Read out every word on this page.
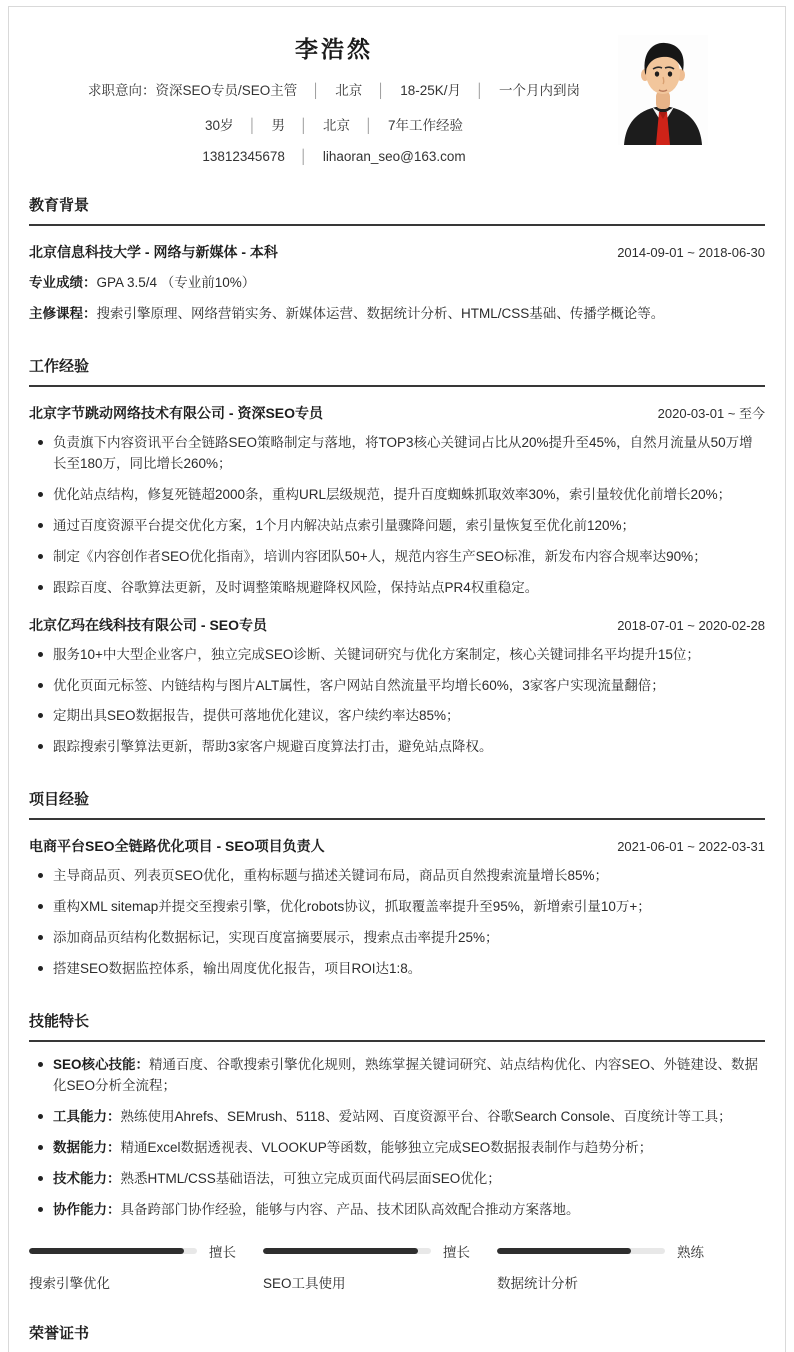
李浩然
求职意向：资深SEO专员/SEO主管 │ 北京 │ 18-25K/月 │ 一个月内到岗
30岁 │ 男 │ 北京 │ 7年工作经验
13812345678 │ lihaoran_seo@163.com
教育背景
北京信息科技大学 - 网络与新媒体 - 本科	2014-09-01 ~ 2018-06-30
专业成绩：GPA 3.5/4 （专业前10%）
主修课程：搜索引擎原理、网络营销实务、新媒体运营、数据统计分析、HTML/CSS基础、传播学概论等。
工作经验
北京字节跳动网络技术有限公司 - 资深SEO专员	2020-03-01 ~ 至今
负责旗下内容资讯平台全链路SEO策略制定与落地，将TOP3核心关键词占比从20%提升至45%，自然月流量从50万增长至180万，同比增长260%；
优化站点结构，修复死链超2000条，重构URL层级规范，提升百度蜘蛛抓取效率30%，索引量较优化前增长20%；
通过百度资源平台提交优化方案，1个月内解决站点索引量骤降问题，索引量恢复至优化前120%；
制定《内容创作者SEO优化指南》，培训内容团队50+人，规范内容生产SEO标准，新发布内容合规率达90%；
跟踪百度、谷歌算法更新，及时调整策略规避降权风险，保持站点PR4权重稳定。
北京亿玛在线科技有限公司 - SEO专员	2018-07-01 ~ 2020-02-28
服务10+中大型企业客户，独立完成SEO诊断、关键词研究与优化方案制定，核心关键词排名平均提升15位；
优化页面元标签、内链结构与图片ALT属性，客户网站自然流量平均增长60%，3家客户实现流量翻倍；
定期出具SEO数据报告，提供可落地优化建议，客户续约率达85%；
跟踪搜索引擎算法更新，帮助3家客户规避百度算法打击，避免站点降权。
项目经验
电商平台SEO全链路优化项目 - SEO项目负责人	2021-06-01 ~ 2022-03-31
主导商品页、列表页SEO优化，重构标题与描述关键词布局，商品页自然搜索流量增长85%；
重构XML sitemap并提交至搜索引擎，优化robots协议，抓取覆盖率提升至95%，新增索引量10万+；
添加商品页结构化数据标记，实现百度富摘要展示，搜索点击率提升25%；
搭建SEO数据监控体系，输出周度优化报告，项目ROI达1:8。
技能特长
SEO核心技能：精通百度、谷歌搜索引擎优化规则，熟练掌握关键词研究、站点结构优化、内容SEO、外链建设、数据化SEO分析全流程；
工具能力：熟练使用Ahrefs、SEMrush、5118、爱站网、百度资源平台、谷歌Search Console、百度统计等工具；
数据能力：精通Excel数据透视表、VLOOKUP等函数，能够独立完成SEO数据报表制作与趋势分析；
技术能力：熟悉HTML/CSS基础语法，可独立完成页面代码层面SEO优化；
协作能力：具备跨部门协作经验，能够与内容、产品、技术团队高效配合推动方案落地。
擅长
搜索引擎优化
擅长
SEO工具使用
熟练
数据统计分析
荣誉证书
